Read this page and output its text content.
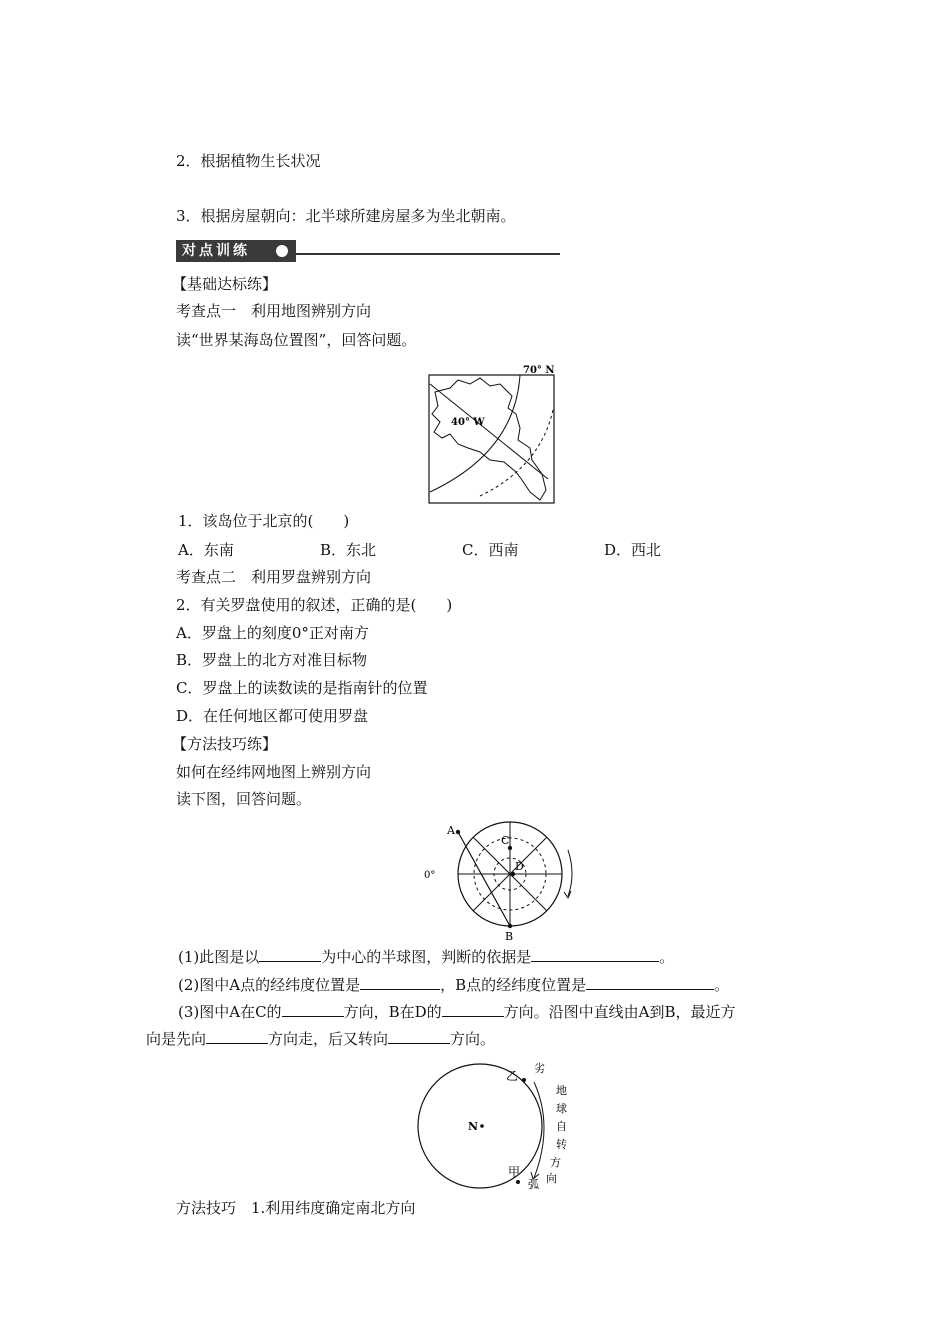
2．根据植物生长状况
3．根据房屋朝向：北半球所建房屋多为坐北朝南。
对点训练
【基础达标练】
考查点一　利用地图辨别方向
读“世界某海岛位置图”，回答问题。
70° N
40° W
1．该岛位于北京的(　　)
A．东南	B．东北	C．西南	D．西北
考查点二　利用罗盘辨别方向
2．有关罗盘使用的叙述，正确的是(　　)
A．罗盘上的刻度0°正对南方
B．罗盘上的北方对准目标物
C．罗盘上的读数读的是指南针的位置
D．在任何地区都可使用罗盘
【方法技巧练】
如何在经纬网地图上辨别方向
读下图，回答问题。
A
B
C
D
0°
(1)此图是以	为中心的半球图，判断的依据是	。
(2)图中A点的经纬度位置是	，B点的经纬度位置是	。
(3)图中A在C的	方向，B在D的	方向。沿图中直线由A到B，最近方
向是先向	方向走，后又转向	方向。
N
乙
甲
劣
弧
地
球
自
转
方
向
方法技巧　1.利用纬度确定南北方向
